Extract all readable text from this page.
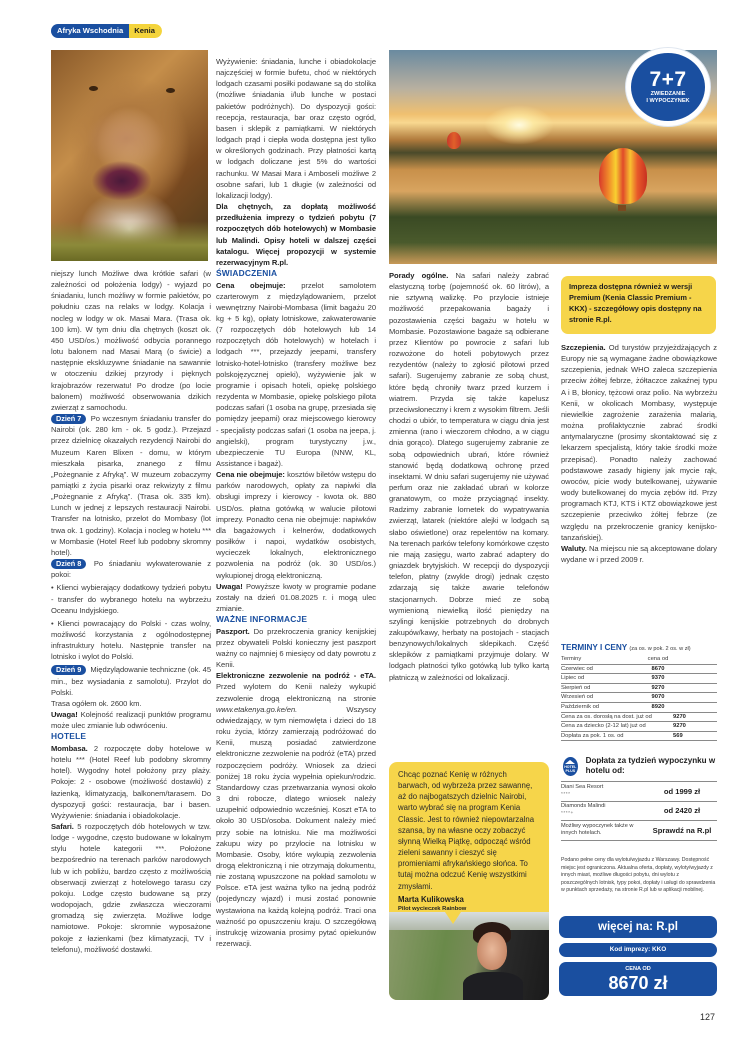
Afryka Wschodnia	Kenia

Wyżywienie: śniadania, lunche i obiadokolacje najczęściej w formie bufetu, choć w niektórych lodgach czasami posiłki podawane są do stolika (możliwe śniadania i/lub lunche w postaci pakietów podróżnych). Do dyspozycji gości: recepcja, restauracja, bar oraz często ogród, basen i sklepik z pamiątkami. W niektórych lodgach prąd i ciepła woda dostępna jest tylko w określonych godzinach. Przy płatności kartą w lodgach doliczane jest 5% do wartości rachunku. W Masai Mara i Amboseli możliwe 2 osobne safari, lub 1 długie (w zależności od lokalizacji lodgy).

Dla chętnych, za dopłatą możliwość przedłużenia imprezy o tydzień pobytu (7 rozpoczętych dób hotelowych) w Mombasie lub Malindi. Opisy hoteli w dalszej części katalogu. Więcej propozycji w systemie rezerwacyjnym R.pl.

niejszy lunch Możliwe dwa krótkie safari (w zależności od położenia lodgy) - wyjazd po śniadaniu, lunch możliwy w formie pakietów, po południu czas na relaks w lodgy. Kolacja i nocleg w lodgy w ok. Masai Mara. (Trasa ok. 100 km). W tym dniu dla chętnych (koszt ok. 450 USD/os.) możliwość odbycia porannego lotu balonem nad Masai Marą (o świcie) a następnie ekskluzywne śniadanie na sawannie w otoczeniu dzikiej przyrody i pięknych krajobrazów rezerwatu! Po drodze (po locie balonem) możliwość obserwowania dzikich zwierząt z samochodu.

Dzień 7 Po wczesnym śniadaniu transfer do Nairobi (ok. 280 km - ok. 5 godz.). Przejazd przez dzielnicę okazałych rezydencji Nairobi do Muzeum Karen Blixen - domu, w którym mieszkała pisarka, znanego z filmu „Pożegnanie z Afryką”. W muzeum zobaczymy pamiątki z życia pisarki oraz rekwizyty z filmu „Pożegnanie z Afryką”. (Trasa ok. 335 km). Lunch w jednej z lepszych restauracji Nairobi. Transfer na lotnisko, przelot do Mombasy (lot trwa ok. 1 godziny). Kolacja i nocleg w hotelu *** w Mombasie (Hotel Reef lub podobny skromny hotel).

Dzień 8 Po śniadaniu wykwaterowanie z pokoi:

• Klienci wybierający dodatkowy tydzień pobytu - transfer do wybranego hotelu na wybrzeżu Oceanu Indyjskiego.

• Klienci powracający do Polski - czas wolny, możliwość korzystania z ogólnodostępnej infrastruktury hotelu. Następnie transfer na lotnisko i wylot do Polski.

Dzień 9 Międzylądowanie techniczne (ok. 45 min., bez wysiadania z samolotu). Przylot do Polski.

Trasa ogółem ok. 2600 km.

Uwaga! Kolejność realizacji punktów programu może ulec zmianie lub odwróceniu.

HOTELE

Mombasa. 2 rozpoczęte doby hotelowe w hotelu *** (Hotel Reef lub podobny skromny hotel). Wygodny hotel położony przy plaży. Pokoje: 2 - osobowe (możliwość dostawki) z łazienką, klimatyzacją, balkonem/tarasem. Do dyspozycji gości: restauracja, bar i basen. Wyżywienie: śniadania i obiadokolacje.

Safari. 5 rozpoczętych dób hotelowych w tzw. lodge - wygodne, często budowane w lokalnym stylu hotele kategorii ***. Położone bezpośrednio na terenach parków narodowych lub w ich pobliżu, bardzo często z możliwością obserwacji zwierząt z hotelowego tarasu czy pokoju. Lodge często budowane są przy wodopojach, gdzie zwłaszcza wieczorami gromadzą się zwierzęta. Możliwe lodge namiotowe. Pokoje: skromnie wyposażone pokoje z łazienkami (bez klimatyzacji, TV i telefonu), możliwość dostawki.

ŚWIADCZENIA

Cena obejmuje: przelot samolotem czarterowym z międzylądowaniem, przelot wewnętrzny Nairobi-Mombasa (limit bagażu 20 kg + 5 kg), opłaty lotniskowe, zakwaterowanie (7 rozpoczętych dób hotelowych lub 14 rozpoczętych dób hotelowych) w hotelach i lodgach ***, przejazdy jeepami, transfery lotnisko-hotel-lotnisko (transfery możliwe bez polskojęzycznej opieki), wyżywienie jak w programie i opisach hoteli, opiekę polskiego rezydenta w Mombasie, opiekę polskiego pilota podczas safari (1 osoba na grupę, przesiada się pomiędzy jeepami) oraz miejscowego kierowcy - specjalisty podczas safari (1 osoba na jeepa, j. angielski), program turystyczny j.w., ubezpieczenie TU Europa (NNW, KL, Assistance i bagaż).

Cena nie obejmuje: kosztów biletów wstępu do parków narodowych, opłaty za napiwki dla obsługi imprezy i kierowcy - kwota ok. 880 USD/os. płatna gotówką w walucie pilotowi imprezy. Ponadto cena nie obejmuje: napiwków dla bagażowych i kelnerów, dodatkowych posiłków i napoi, wydatków osobistych, wycieczek lokalnych, elektronicznego pozwolenia na podróż (ok. 30 USD/os.) wykupionej drogą elektroniczną.

Uwaga! Powyższe kwoty w programie podane zostały na dzień 01.08.2025 r. i mogą ulec zmianie.

WAŻNE INFORMACJE

Paszport. Do przekroczenia granicy kenijskiej przez obywateli Polski konieczny jest paszport ważny co najmniej 6 miesięcy od daty powrotu z Kenii.

Elektroniczne zezwolenie na podróż - eTA. Przed wylotem do Kenii należy wykupić zezwolenie drogą elektroniczną na stronie www.etakenya.go.ke/en.	Wszyscy odwiedzający, w tym niemowlęta i dzieci do 18 roku życia, którzy zamierzają podróżować do Kenii, muszą posiadać zatwierdzone elektroniczne zezwolenie na podróż (eTA) przed rozpoczęciem podróży. Wniosek za dzieci poniżej 18 roku życia wypełnia opiekun/rodzic. Standardowy czas przetwarzania wynosi około 3 dni robocze, dlatego wniosek należy uzupełnić odpowiednio wcześniej. Koszt eTA to około 30 USD/osoba. Dokument należy mieć przy sobie na lotnisku. Nie ma możliwości zakupu wizy po przylocie na lotnisku w Mombasie. Osoby, które wykupią zezwolenia drogą elektroniczną i nie otrzymają dokumentu, nie zostaną wpuszczone na pokład samolotu w Polsce. eTA jest ważna tylko na jedną podróż (pojedynczy wjazd) i musi zostać ponownie wystawiona na każdą kolejną podróż. Traci ona ważność po opuszczeniu kraju. O szczegółową instrukcję wizowania prosimy pytać opiekunów rezerwacji.

7+7
ZWIEDZANIE
I WYPOCZYNEK

Porady ogólne. Na safari należy zabrać elastyczną torbę (pojemność ok. 60 litrów), a nie sztywną walizkę. Po przylocie istnieje możliwość przepakowania bagaży i pozostawienia części bagażu w hotelu w Mombasie. Pozostawione bagaże są odbierane przez Klientów po powrocie z safari lub rozwożone do hoteli pobytowych przez rezydentów (należy to zgłosić pilotowi przed safari). Sugerujemy zabranie ze sobą chust, które będą chroniły twarz przed kurzem i wiatrem. Przyda się także kapelusz przeciwsłoneczny i krem z wysokim filtrem. Jeśli chodzi o ubiór, to temperatura w ciągu dnia jest zmienna (rano i wieczorem chłodno, a w ciągu dnia gorąco). Dlatego sugerujemy zabranie ze sobą odpowiednich ubrań, które również stanowić będą dodatkową ochronę przed insektami. W dniu safari sugerujemy nie używać perfum oraz nie zakładać ubrań w kolorze granatowym, co może przyciągnąć insekty. Radzimy zabranie lornetek do wypatrywania zwierząt, latarek (niektóre alejki w lodgach są słabo oświetlone) oraz repelentów na komary. Na terenach parków telefony komórkowe często nie mają zasięgu, warto zabrać adaptery do gniazdek brytyjskich. W recepcji do dyspozycji telefon, płatny (zwykle drogi) jednak często zdarzają się także awarie telefonów stacjonarnych. Dobrze mieć ze sobą wymienioną niewielką ilość pieniędzy na szylingi kenijskie potrzebnych do drobnych zakupów/kawy, herbaty na postojach - stacjach benzynowych/lokalnych sklepikach. Część sklepików z pamiątkami przyjmuje dolary. W lodgach płatności tylko gotówką lub tylko kartą płatniczą w zależności od lokalizacji.

Chcąc poznać Kenię w różnych barwach, od wybrzeża przez sawannę, aż do najbogatszych dzielnic Nairobi, warto wybrać się na program Kenia Classic. Jest to również niepowtarzalna szansa, by na własne oczy zobaczyć słynną Wielką Piątkę, odpocząć wśród zieleni sawanny i cieszyć się promieniami afrykańskiego słońca. To tutaj można odczuć Kenię wszystkimi zmysłami.

Marta Kulikowska

Pilot wycieczek Rainbow

Impreza dostępna również w wersji Premium (Kenia Classic Premium - KKX) - szczegółowy opis dostępny na stronie R.pl.

Szczepienia. Od turystów przyjeżdżających z Europy nie są wymagane żadne obowiązkowe szczepienia, jednak WHO zaleca szczepienia przeciw żółtej febrze, żółtaczce zakaźnej typu A i B, błonicy, tężcowi oraz polio. Na wybrzeżu Kenii, w okolicach Mombasy, występuje niewielkie zagrożenie zarażenia malarią, można profilaktycznie zabrać środki antymalaryczne (prosimy skontaktować się z lekarzem specjalistą, który takie środki może przepisać). Ponadto należy zachować podstawowe zasady higieny jak mycie rąk, owoców, picie wody butelkowanej, używanie wody butelkowanej do mycia zębów itd. Przy programach KTJ, KTS i KTZ obowiązkowe jest szczepienie przeciwko żółtej febrze (ze względu na przekroczenie granicy kenijsko-tanzańskiej).

Waluty. Na miejscu nie są akceptowane dolary wydane w i przed 2009 r.

TERMINY I CENY (za os. w pok. 2 os. w zł)
Terminy	cena od
Czerwiec od	8670
Lipiec od	9370
Sierpień od	9270
Wrzesień od	9070
Październik od	8920
Cena za os. dorosłą na dost. już od	9270
Cena za dziecko (2-12 lat) już od	9270
Dopłata za pok. 1 os. od	569
HOTEL
PLUS
Dopłata za tydzień wypoczynku w hotelu od:
Diani Sea Resort
****	od 1999 zł
Diamonds Malindi
****+	od 2420 zł
Możliwy wypoczynek także w innych hotelach.	Sprawdź na R.pl

Podano pełne ceny dla wylotu/wyjazdu z Warszawy. Dostępność miejsc jest ograniczona. Aktualna oferta, dopłaty, wyloty/wyjazdy z innych miast, możliwe długości pobytu, dni wylotu z poszczególnych lotnisk, typy pokoi, dopłaty i usługi do sprawdzenia w punktach sprzedaży, na stronie R.pl lub w aplikacji mobilnej.

więcej na: R.pl
Kod imprezy: KKO
CENA OD
8670 zł
127
